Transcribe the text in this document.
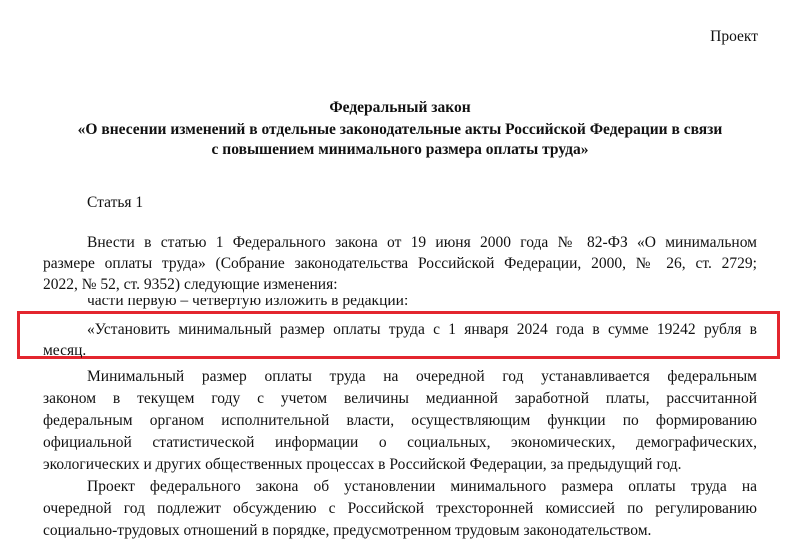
Проект
Федеральный закон
«О внесении изменений в отдельные законодательные акты Российской Федерации в связи
с повышением минимального размера оплаты труда»
Статья 1
Внести в статью 1 Федерального закона от 19 июня 2000 года № 82-ФЗ «О минимальном
размере оплаты труда» (Собрание законодательства Российской Федерации, 2000, № 26, ст. 2729;
2022, № 52, ст. 9352) следующие изменения:
части первую – четвертую изложить в редакции:
«Установить минимальный размер оплаты труда с 1 января 2024 года в сумме 19242 рубля в
месяц.
Минимальный размер оплаты труда на очередной год устанавливается федеральным
законом в текущем году с учетом величины медианной заработной платы, рассчитанной
федеральным органом исполнительной власти, осуществляющим функции по формированию
официальной статистической информации о социальных, экономических, демографических,
экологических и других общественных процессах в Российской Федерации, за предыдущий год.
Проект федерального закона об установлении минимального размера оплаты труда на
очередной год подлежит обсуждению с Российской трехсторонней комиссией по регулированию
социально-трудовых отношений в порядке, предусмотренном трудовым законодательством.
